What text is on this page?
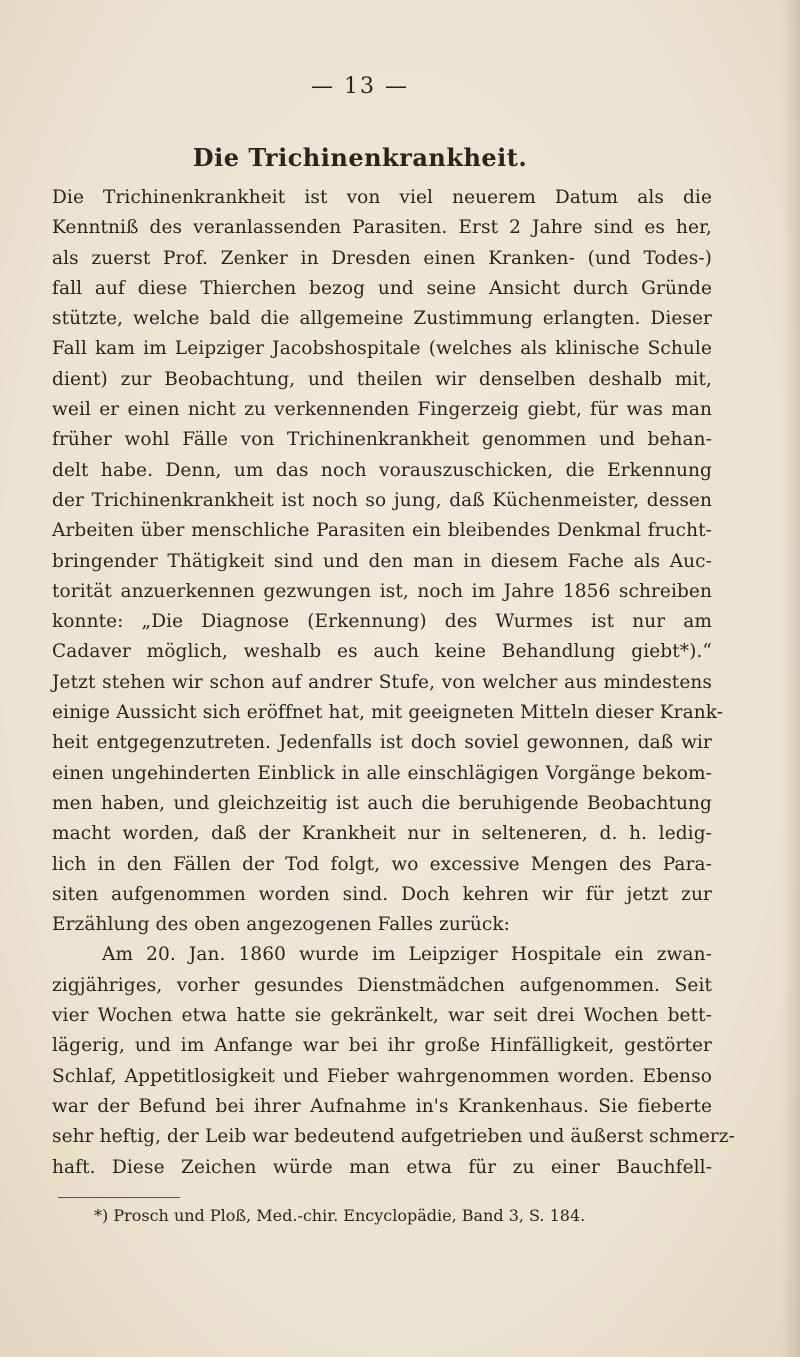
— 13 —
Die Trichinenkrankheit.
Die Trichinenkrankheit ist von viel neuerem Datum als die
Kenntniß des veranlassenden Parasiten. Erst 2 Jahre sind es her,
als zuerst Prof. Zenker in Dresden einen Kranken- (und Todes-)
fall auf diese Thierchen bezog und seine Ansicht durch Gründe
stützte, welche bald die allgemeine Zustimmung erlangten. Dieser
Fall kam im Leipziger Jacobshospitale (welches als klinische Schule
dient) zur Beobachtung, und theilen wir denselben deshalb mit,
weil er einen nicht zu verkennenden Fingerzeig giebt, für was man
früher wohl Fälle von Trichinenkrankheit genommen und behan-
delt habe. Denn, um das noch vorauszuschicken, die Erkennung
der Trichinenkrankheit ist noch so jung, daß Küchenmeister, dessen
Arbeiten über menschliche Parasiten ein bleibendes Denkmal frucht-
bringender Thätigkeit sind und den man in diesem Fache als Auc-
torität anzuerkennen gezwungen ist, noch im Jahre 1856 schreiben
konnte: „Die Diagnose (Erkennung) des Wurmes ist nur am
Cadaver möglich, weshalb es auch keine Behandlung giebt*).“
Jetzt stehen wir schon auf andrer Stufe, von welcher aus mindestens
einige Aussicht sich eröffnet hat, mit geeigneten Mitteln dieser Krank-
heit entgegenzutreten. Jedenfalls ist doch soviel gewonnen, daß wir
einen ungehinderten Einblick in alle einschlägigen Vorgänge bekom-
men haben, und gleichzeitig ist auch die beruhigende Beobachtung
macht worden, daß der Krankheit nur in selteneren, d. h. ledig-
lich in den Fällen der Tod folgt, wo excessive Mengen des Para-
siten aufgenommen worden sind. Doch kehren wir für jetzt zur
Erzählung des oben angezogenen Falles zurück:
Am 20. Jan. 1860 wurde im Leipziger Hospitale ein zwan-
zigjähriges, vorher gesundes Dienstmädchen aufgenommen. Seit
vier Wochen etwa hatte sie gekränkelt, war seit drei Wochen bett-
lägerig, und im Anfange war bei ihr große Hinfälligkeit, gestörter
Schlaf, Appetitlosigkeit und Fieber wahrgenommen worden. Ebenso
war der Befund bei ihrer Aufnahme in's Krankenhaus. Sie fieberte
sehr heftig, der Leib war bedeutend aufgetrieben und äußerst schmerz-
haft. Diese Zeichen würde man etwa für zu einer Bauchfell-
*) Prosch und Ploß, Med.-chir. Encyclopädie, Band 3, S. 184.
